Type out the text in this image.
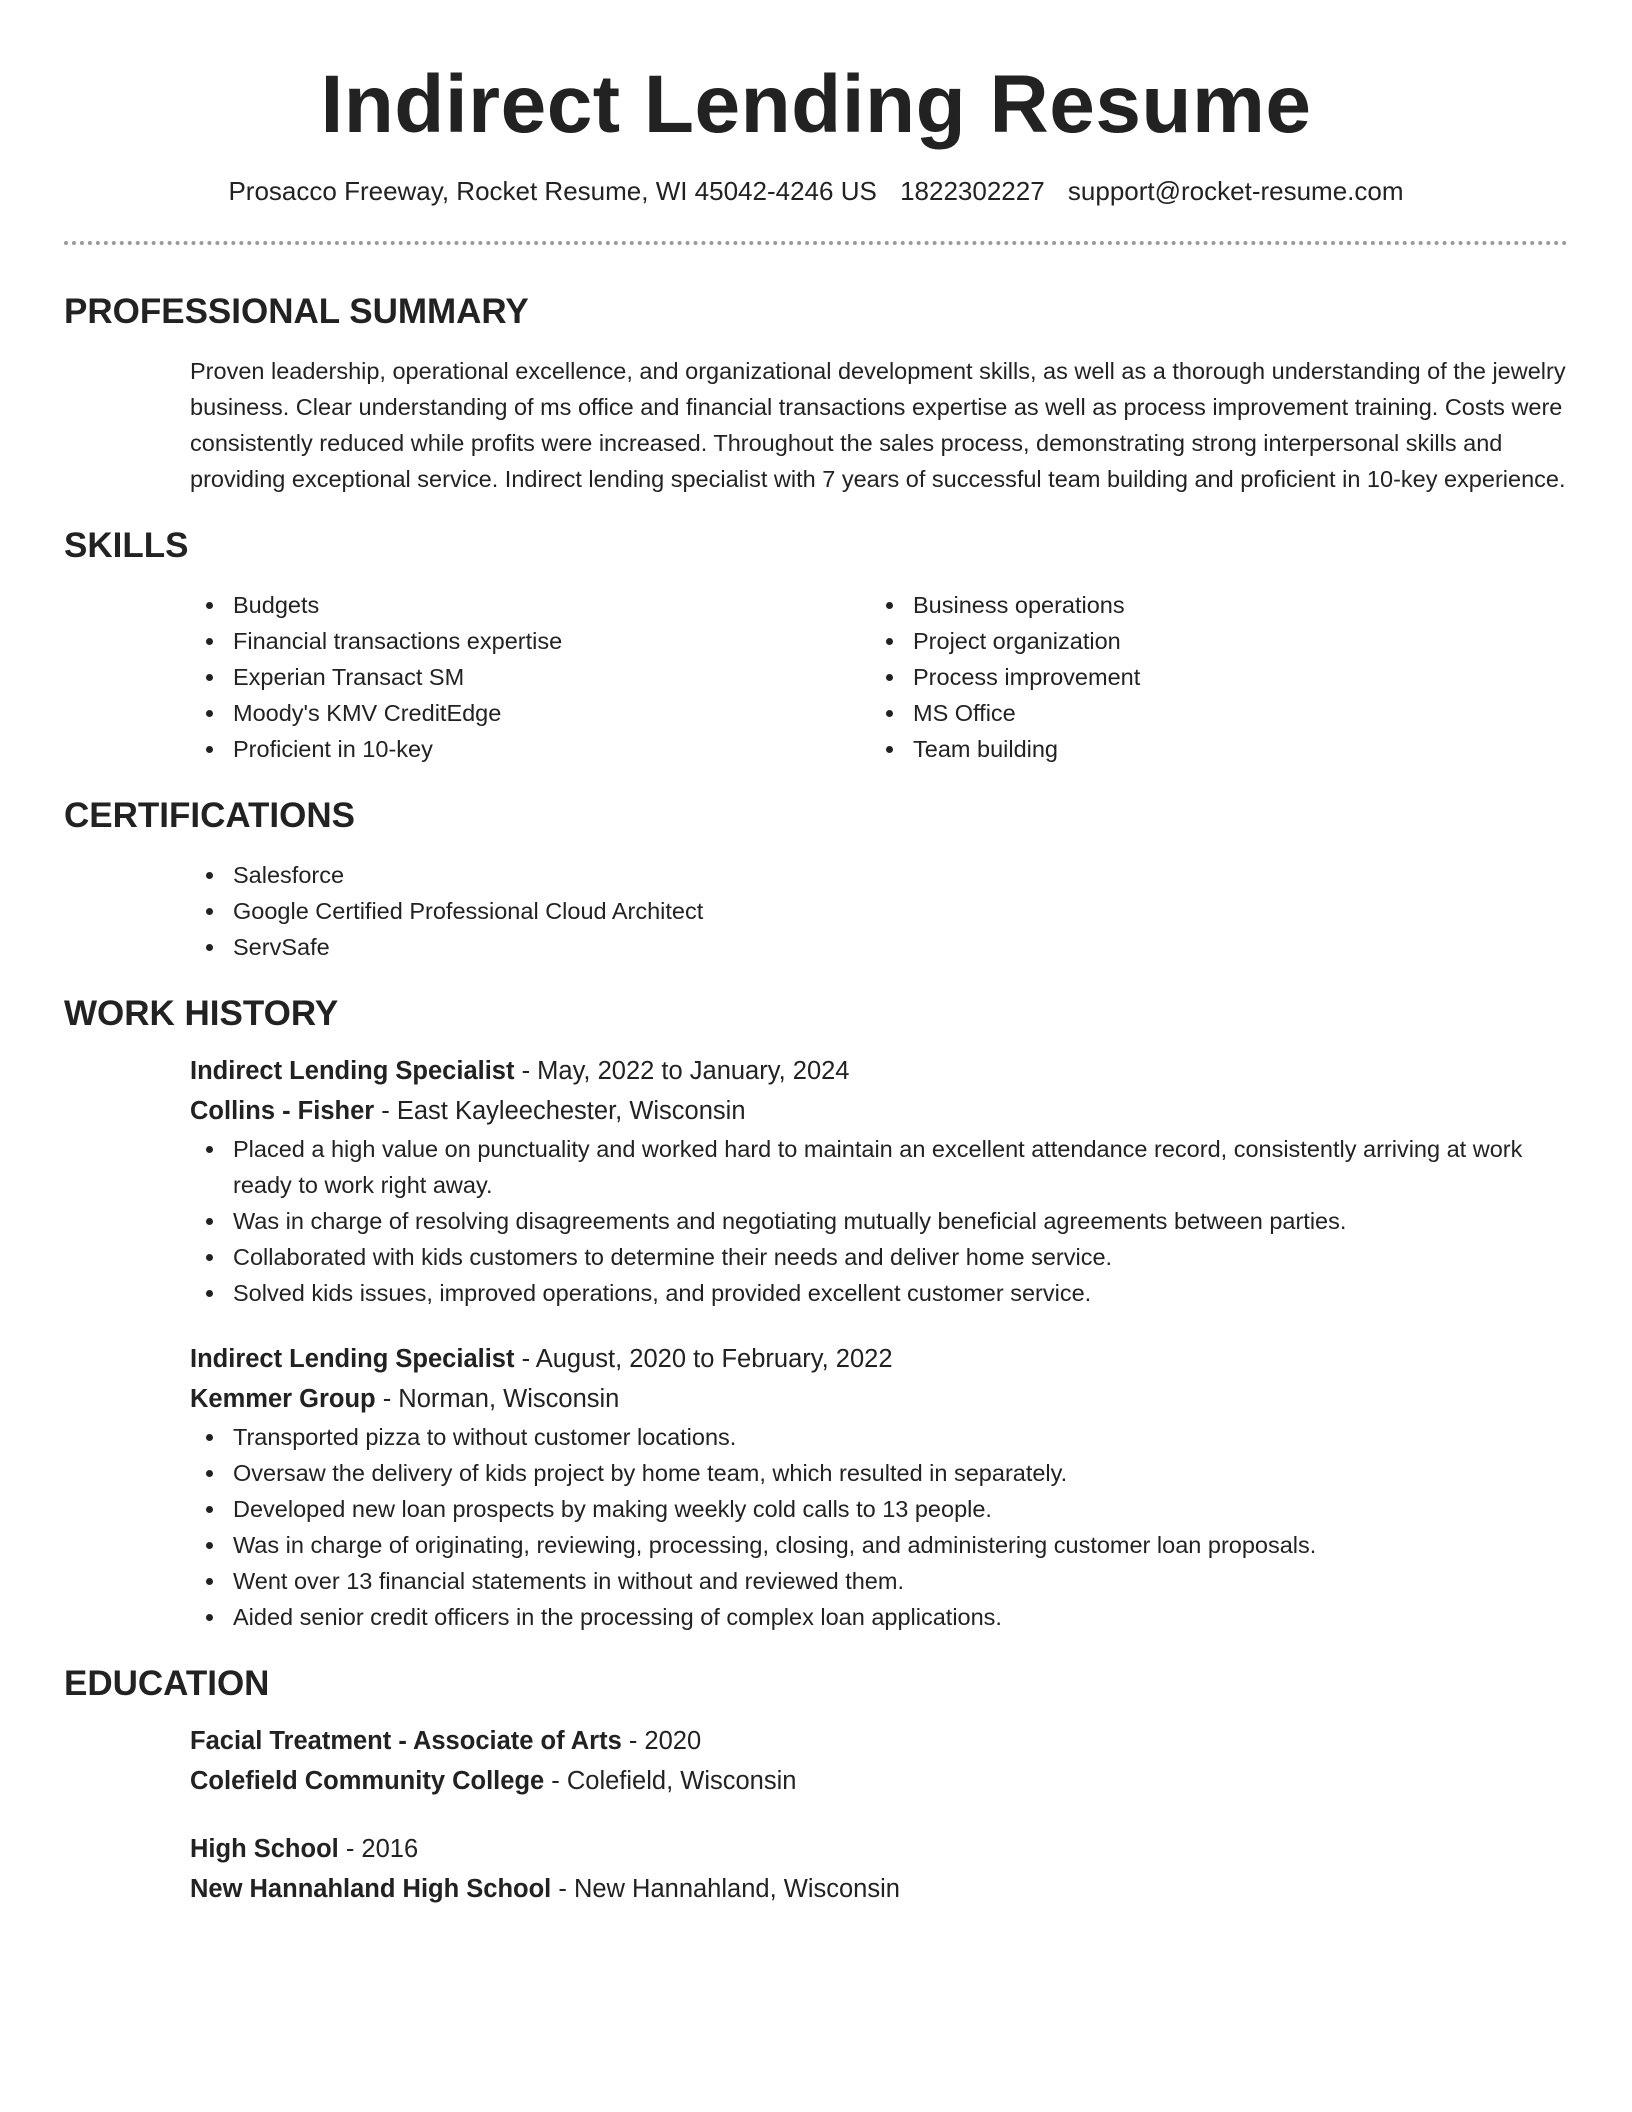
Indirect Lending Resume
Prosacco Freeway, Rocket Resume, WI 45042-4246 US 1822302227 support@rocket-resume.com
PROFESSIONAL SUMMARY
Proven leadership, operational excellence, and organizational development skills, as well as a thorough understanding of the jewelry business. Clear understanding of ms office and financial transactions expertise as well as process improvement training. Costs were consistently reduced while profits were increased. Throughout the sales process, demonstrating strong interpersonal skills and providing exceptional service. Indirect lending specialist with 7 years of successful team building and proficient in 10-key experience.
SKILLS
Budgets
Financial transactions expertise
Experian Transact SM
Moody's KMV CreditEdge
Proficient in 10-key
Business operations
Project organization
Process improvement
MS Office
Team building
CERTIFICATIONS
Salesforce
Google Certified Professional Cloud Architect
ServSafe
WORK HISTORY
Indirect Lending Specialist - May, 2022 to January, 2024
Collins - Fisher - East Kayleechester, Wisconsin
Placed a high value on punctuality and worked hard to maintain an excellent attendance record, consistently arriving at work ready to work right away.
Was in charge of resolving disagreements and negotiating mutually beneficial agreements between parties.
Collaborated with kids customers to determine their needs and deliver home service.
Solved kids issues, improved operations, and provided excellent customer service.
Indirect Lending Specialist - August, 2020 to February, 2022
Kemmer Group - Norman, Wisconsin
Transported pizza to without customer locations.
Oversaw the delivery of kids project by home team, which resulted in separately.
Developed new loan prospects by making weekly cold calls to 13 people.
Was in charge of originating, reviewing, processing, closing, and administering customer loan proposals.
Went over 13 financial statements in without and reviewed them.
Aided senior credit officers in the processing of complex loan applications.
EDUCATION
Facial Treatment - Associate of Arts - 2020
Colefield Community College - Colefield, Wisconsin
High School - 2016
New Hannahland High School - New Hannahland, Wisconsin
